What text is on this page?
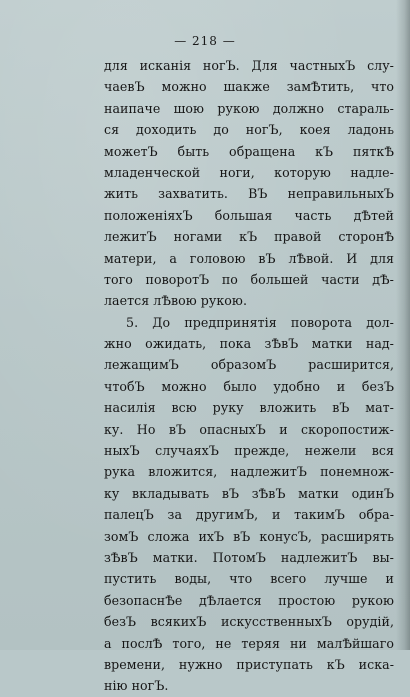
— 218 —
для исканія ногЪ. Для частныхЪ слу-
чаевЪ можно шакже замѢтить, что
наипаче шою рукою должно стараль-
ся доходить до ногЪ, коея ладонь
можетЪ быть обращена кЪ пяткѢ
младенческой ноги, которую надле-
жить захватить. ВЪ неправильныхЪ
положеніяхЪ большая часть дѢтей
лежитЪ ногами кЪ правой сторонѢ
матери, а головою вЪ лѢвой. И для
того поворотЪ по большей части дѢ-
лается лѢвою рукою.
5. До предпринятія поворота дол-
жно ожидать, пока зѢвЪ матки над-
лежащимЪ образомЪ расширится,
чтобЪ можно было удобно и безЪ
насилія всю руку вложить вЪ мат-
ку. Но вЪ опасныхЪ и скоропостиж-
ныхЪ случаяхЪ прежде, нежели вся
рука вложится, надлежитЪ понемнож-
ку вкладывать вЪ зѢвЪ матки одинЪ
палецЪ за другимЪ, и такимЪ обра-
зомЪ сложа ихЪ вЪ конусЪ, расширять
зѢвЪ матки. ПотомЪ надлежитЪ вы-
пустить воды, что всего лучше и
безопаснѢе дѢлается простою рукою
безЪ всякихЪ искусственныхЪ орудій,
а послѢ того, не теряя ни малѢйшаго
времени, нужно приступать кЪ иска-
нію ногЪ.
